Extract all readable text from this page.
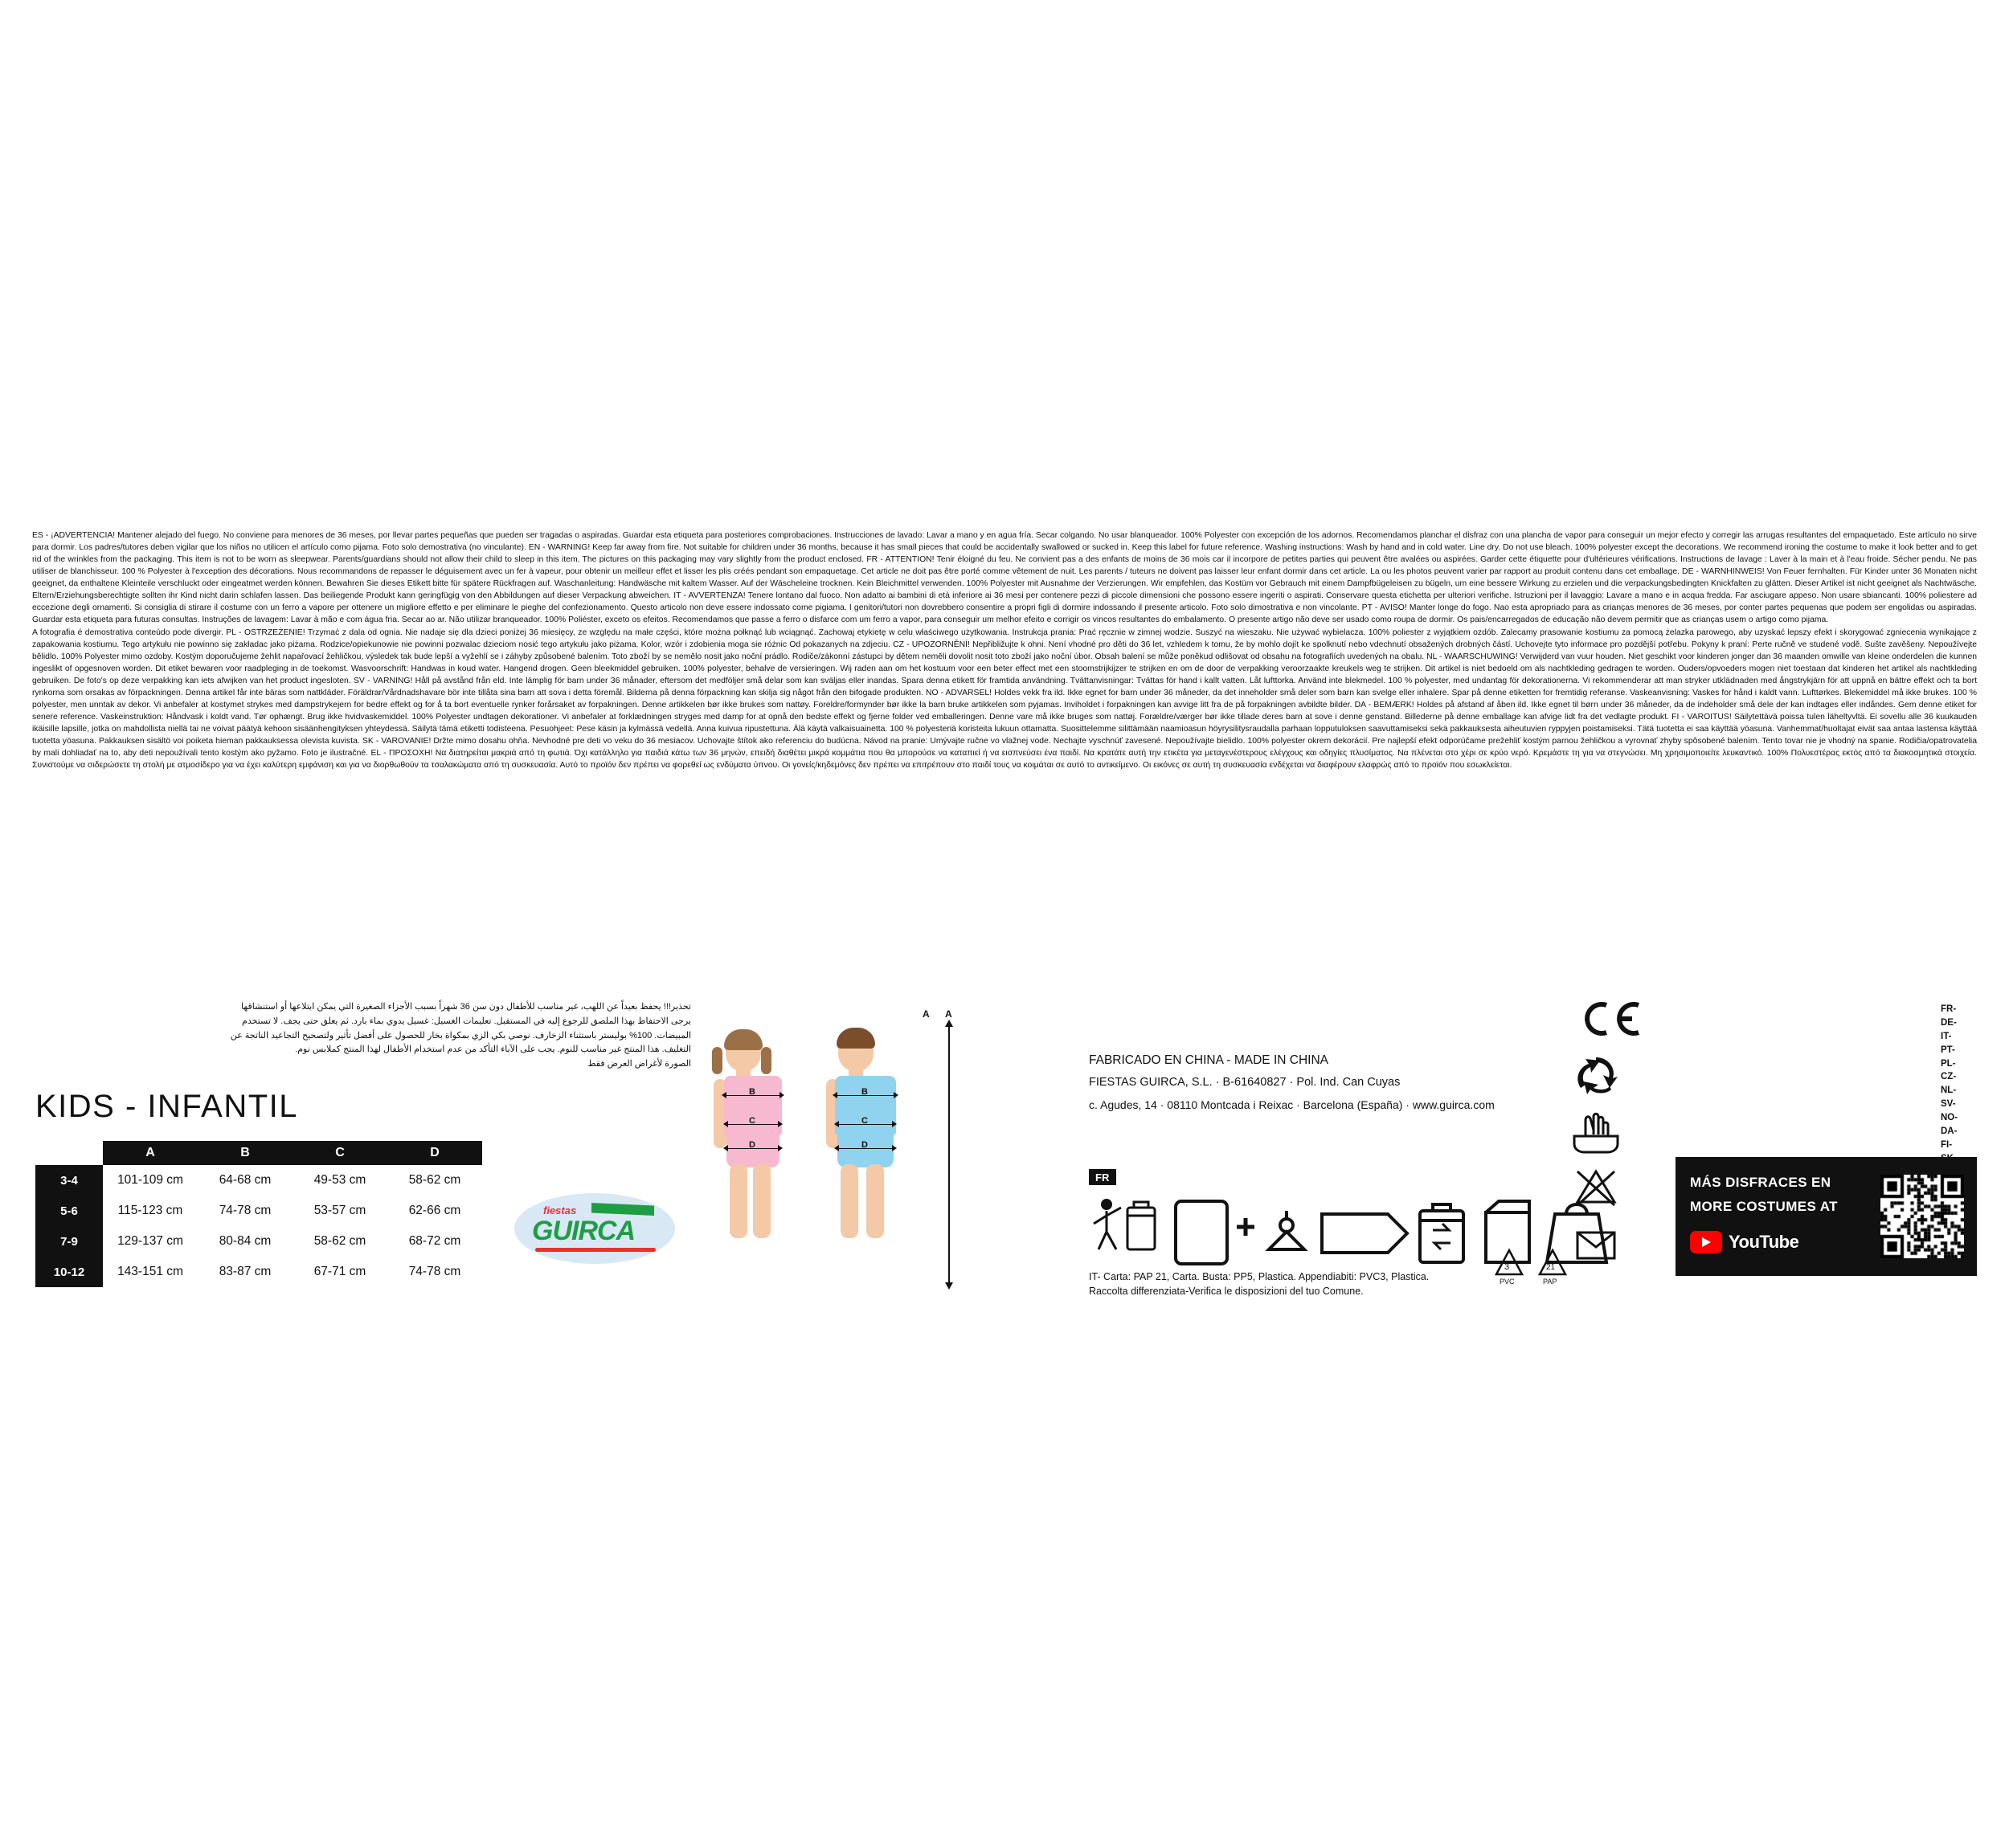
ES - ¡ADVERTENCIA! Mantener alejado del fuego. No conviene para menores de 36 meses, por llevar partes pequeñas que pueden ser tragadas o aspiradas. Guardar esta etiqueta para posteriores comprobaciones. Instrucciones de lavado: Lavar a mano y en agua fría. Secar colgando. No usar blanqueador. 100% Polyester con excepción de los adornos. Recomendamos planchar el disfraz con una plancha de vapor para conseguir un mejor efecto y corregir las arrugas resultantes del empaquetado. Este artículo no sirve para dormir. Los padres/tutores deben vigilar que los niños no utilicen el artículo como pijama. Foto solo demostrativa (no vinculante). EN - WARNING! Keep far away from fire. Not suitable for children under 36 months, because it has small pieces that could be accidentally swallowed or sucked in. Keep this label for future reference. Washing instructions: Wash by hand and in cold water. Line dry. Do not use bleach. 100% polyester except the decorations. We recommend ironing the costume to make it look better and to get rid of the wrinkles from the packaging. This item is not to be worn as sleepwear. Parents/guardians should not allow their child to sleep in this item. The pictures on this packaging may vary slightly from the product enclosed. FR - ATTENTION! Tenir éloigné du feu. Ne convient pas a des enfants de moins de 36 mois car il incorpore de petites parties qui peuvent être avalées ou aspirées. Garder cette étiquette pour d'ultérieures vérifications. Instructions de lavage : Laver à la main et à l'eau froide. Sécher pendu. Ne pas utiliser de blanchisseur. 100 % Polyester à l'exception des décorations. Nous recommandons de repasser le déguisement avec un fer à vapeur, pour obtenir un meilleur effet et lisser les plis créés pendant son empaquetage. Cet article ne doit pas être porté comme vêtement de nuit. Les parents / tuteurs ne doivent pas laisser leur enfant dormir dans cet article. La ou les photos peuvent varier par rapport au produit contenu dans cet emballage. DE - WARNHINWEIS! Von Feuer fernhalten. Für Kinder unter 36 Monaten nicht geeignet, da enthaltene Kleinteile verschluckt oder eingeatmet werden können. Bewahren Sie dieses Etikett bitte für spätere Rückfragen auf. Waschanleitung: Handwäsche mit kaltem Wasser. Auf der Wäscheleine trocknen. Kein Bleichmittel verwenden. 100% Polyester mit Ausnahme der Verzierungen. Wir empfehlen, das Kostüm vor Gebrauch mit einem Dampfbügeleisen zu bügeln, um eine bessere Wirkung zu erzielen und die verpackungsbedingten Knickfalten zu glätten. Dieser Artikel ist nicht geeignet als Nachtwäsche. Eltern/Erziehungsberechtigte sollten ihr Kind nicht darin schlafen lassen. Das beiliegende Produkt kann geringfügig von den Abbildungen auf dieser Verpackung abweichen. IT - AVVERTENZA! Tenere lontano dal fuoco. Non adatto ai bambini di età inferiore ai 36 mesi per contenere pezzi di piccole dimensioni che possono essere ingeriti o aspirati. Conservare questa etichetta per ulteriori verifiche. Istruzioni per il lavaggio: Lavare a mano e in acqua fredda. Far asciugare appeso. Non usare sbiancanti. 100% poliestere ad eccezione degli ornamenti. Si consiglia di stirare il costume con un ferro a vapore per ottenere un migliore effetto e per eliminare le pieghe del confezionamento. Questo articolo non deve essere indossato come pigiama. I genitori/tutori non dovrebbero consentire a propri figli di dormire indossando il presente articolo. Foto solo dimostrativa e non vincolante. PT - AVISO! Manter longe do fogo. Nao esta apropriado para as crianças menores de 36 meses, por conter partes pequenas que podem ser engolidas ou aspiradas. Guardar esta etiqueta para futuras consultas. Instruções de lavagem: Lavar à mão e com água fria. Secar ao ar. Não utilizar branqueador. 100% Poliéster, exceto os efeitos. Recomendamos que passe a ferro o disfarce com um ferro a vapor, para conseguir um melhor efeito e corrigir os vincos resultantes do embalamento. O presente artigo não deve ser usado como roupa de dormir. Os pais/encarregados de educação não devem permitir que as crianças usem o artigo como pijama.
A fotografia é demostrativa conteúdo pode divergir. PL - OSTRZEŻENIE! Trzymać z dala od ognia. Nie nadaje się dla dzieci poniżej 36 miesięcy, ze względu na małe części, które można połknąć lub wciągnąć. Zachowaj etykietę w celu właściwego użytkowania. Instrukcja prania: Prać ręcznie w zimnej wodzie. Suszyć na wieszaku. Nie używać wybielacza. 100% poliester z wyjątkiem ozdób. Zalecamy prasowanie kostiumu za pomocą żelazka parowego, aby uzyskać lepszy efekt i skorygować zgniecenia wynikające z zapakowania kostiumu. Tego artykułu nie powinno się zakładac jako piżama. Rodzice/opiekunowie nie powinni pozwalac dzieciom nosić tego artykułu jako piżama. Kolor, wzór i zdobienia moga sie różnic Od pokazanych na zdjeciu. CZ - UPOZORNĚNÍ! Nepřibližujte k ohni. Není vhodné pro děti do 36 let, vzhledem k tomu, že by mohlo dojít ke spolknutí nebo vdechnutí obsažených drobných částí. Uchovejte tyto informace pro pozdější potřebu. Pokyny k praní: Perte ručně ve studené vodě. Sušte zavěšeny. Nepoužívejte bělidlo. 100% Polyester mimo ozdoby. Kostým doporučujeme žehlit napařovací žehličkou, výsledek tak bude lepší a vyžehlí se i záhyby způsobené balením. Toto zboží by se nemělo nosit jako noční prádlo. Rodiče/zákonní zástupci by dětem neměli dovolit nosit toto zboží jako noční úbor. Obsah balení se může poněkud odlišovat od obsahu na fotografiích uvedených na obalu. NL - WAARSCHUWING! Verwijderd van vuur houden. Niet geschikt voor kinderen jonger dan 36 maanden omwille van kleine onderdelen die kunnen ingeslikt of opgesnoven worden. Dit etiket bewaren voor raadpleging in de toekomst. Wasvoorschrift: Handwas in koud water. Hangend drogen. Geen bleekmiddel gebruiken. 100% polyester, behalve de versieringen. Wij raden aan om het kostuum voor een beter effect met een stoomstrijkijzer te strijken en om de door de verpakking veroorzaakte kreukels weg te strijken. Dit artikel is niet bedoeld om als nachtkleding gedragen te worden. Ouders/opvoeders mogen niet toestaan dat kinderen het artikel als nachtkleding gebruiken. De foto's op deze verpakking kan iets afwijken van het product ingesloten. SV - VARNING! Håll på avstånd från eld. Inte lämplig för barn under 36 månader, eftersom det medföljer små delar som kan sväljas eller inandas. Spara denna etikett för framtida användning. Tvättanvisningar: Tvättas för hand i kallt vatten. Låt lufttorka. Använd inte blekmedel. 100 % polyester, med undantag för dekorationerna. Vi rekommenderar att man stryker utklädnaden med ångstrykjärn för att uppnå en bättre effekt och ta bort rynkorna som orsakas av förpackningen. Denna artikel får inte bäras som nattkläder. Föräldrar/Vårdnadshavare bör inte tillåta sina barn att sova i detta föremål. Bilderna på denna förpackning kan skilja sig något från den bifogade produkten. NO - ADVARSEL! Holdes vekk fra ild. Ikke egnet for barn under 36 måneder, da det inneholder små deler som barn kan svelge eller inhalere. Spar på denne etiketten for fremtidig referanse. Vaskeanvisning: Vaskes for hånd i kaldt vann. Lufttørkes. Blekemiddel må ikke brukes. 100 % polyester, men unntak av dekor. Vi anbefaler at kostymet strykes med dampstrykejern for bedre effekt og for å ta bort eventuelle rynker forårsaket av forpakningen. Denne artikkelen bør ikke brukes som nattøy. Foreldre/formynder bør ikke la barn bruke artikkelen som pyjamas. Inviholdet i forpakningen kan avvige litt fra de på forpakningen avbildte bilder. DA - BEMÆRK! Holdes på afstand af åben ild. Ikke egnet til børn under 36 måneder, da de indeholder små dele der kan indtages eller indåndes. Gem denne etiket for senere reference. Vaskeinstruktion: Håndvask i koldt vand. Tør ophængt. Brug ikke hvidvaskemiddel. 100% Polyester undtagen dekorationer. Vi anbefaler at forklædningen stryges med damp for at opnå den bedste effekt og fjerne folder ved emballeringen. Denne vare må ikke bruges som nattøj. Forældre/værger bør ikke tillade deres barn at sove i denne genstand. Billederne på denne emballage kan afvige lidt fra det vedlagte produkt. FI - VAROITUS! Säilytettävä poissa tulen läheltyvltä. Ei sovellu alle 36 kuukauden ikäisille lapsille, jotka on mahdollista niellä tai ne voivat päätyä kehoon sisäänhengityksen yhteydessä. Säilytä tämä etiketti todisteena. Pesuohjeet: Pese käsin ja kylmässä vedellä. Anna kuivua ripustettuna. Älä käytä valkaisuainetta. 100 % polyesteriä koristeita lukuun ottamatta. Suosittelemme silittämään naamioasun höyrysilitysraudalla parhaan lopputuloksen saavuttamiseksi sekä pakkauksesta aiheutuvien ryppyjen poistamiseksi. Tätä tuotetta ei saa käyttää yöasuna. Vanhemmat/huoltajat eivät saa antaa lastensa käyttää tuotetta yöasuna. Pakkauksen sisältö voi poiketa hieman pakkauksessa olevista kuvista. SK - VAROVANIE! Držte mimo dosahu ohňa. Nevhodné pre deti vo veku do 36 mesiacov. Uchovajte štítok ako referenciu do budúcna. Návod na pranie: Umývajte ručne vo vlažnej vode. Nechajte vyschnúť zavesené. Nepoužívajte bielidlo. 100% polyester okrem dekorácií. Pre najlepší efekt odporúčame prežehliť kostým parnou žehličkou a vyrovnať zhyby spôsobené balením. Tento tovar nie je vhodný na spanie. Rodičia/opatrovatelia by mali dohliadať na to, aby deti nepoužívali tento kostým ako pyžamo. Foto je ilustračné. EL - ΠΡΟΣΟΧΗ! Να διατηρείται μακριά από τη φωτιά. Όχι κατάλληλο για παιδιά κάτω των 36 μηνών, επειδή διαθέτει μικρά κομμάτια που θα μπορούσε να καταπιεί ή να εισπνεύσει ένα παιδί. Να κρατάτε αυτή την ετικέτα για μεταγενέστερους ελέγχους και οδηγίες πλυσίματος. Να πλένεται στο χέρι σε κρύο νερό. Κρεμάστε τη για να στεγνώσει. Μη χρησιμοποιείτε λευκαντικό. 100% Πολυεστέρας εκτός από τα διακοσμητικά στοιχεία. Συνιστούμε να σιδερώσετε τη στολή με ατμοσίδερο για να έχει καλύτερη εμφάνιση και για να διορθωθούν τα τσαλακώματα από τη συσκευασία. Αυτό το προϊόν δεν πρέπει να φορεθεί ως ενδύματα ύπνου. Οι γονείς/κηδεμόνες δεν πρέπει να επιτρέπουν στο παιδί τους να κοιμάται σε αυτό το αντικείμενο. Οι εικόνες σε αυτή τη συσκευασία ενδέχεται να διαφέρουν ελαφρώς από το προϊόν που εσωκλείεται.
تحذير!!! يحفظ بعيداً عن اللهب، غير مناسب للأطفال دون سن 36 شهراً بسبب الأجزاء الصغيرة التي يمكن ابتلاعها أو استنشاقها
يرجى الاحتفاظ بهذا الملصق للرجوع إليه في المستقبل. تعليمات الغسيل: غسيل يدوي بماء بارد. ثم يعلق حتى يجف. لا تستخدم
المبيضات. 100% بوليستر باستثناء الزخارف. نوصي بكي الزي بمكواة بخار للحصول على أفضل تأثير ولتصحيح التجاعيد الناتجة عن
التغليف. هذا المنتج غير مناسب للنوم. يجب على الآباء التأكد من عدم استخدام الأطفال لهذا المنتج كملابس نوم.
الصورة لأغراض العرض فقط
KIDS - INFANTIL
	A	B	C	D
3-4	101-109 cm	64-68 cm	49-53 cm	58-62 cm
5-6	115-123 cm	74-78 cm	53-57 cm	62-66 cm
7-9	129-137 cm	80-84 cm	58-62 cm	68-72 cm
10-12	143-151 cm	83-87 cm	67-71 cm	74-78 cm
fiestas
GUIRCA
B
C
D
B
C
D
A A
FABRICADO EN CHINA - MADE IN CHINA
FIESTAS GUIRCA, S.L. · B-61640827 · Pol. Ind. Can Cuyas
c. Agudes, 14 · 08110 Montcada i Reixac · Barcelona (España) · www.guirca.com
FR
IT- Carta: PAP 21, Carta. Busta: PP5, Plastica. Appendiabiti: PVC3, Plastica.
Raccolta differenziata-Verifica le disposizioni del tuo Comune.
3
PVC
21
PAP
FR-
DE-
IT-
PT-
PL-
CZ-
NL-
SV-
NO-
DA-
FI-
MÁS DISFRACES EN
MORE COSTUMES AT
YouTube
